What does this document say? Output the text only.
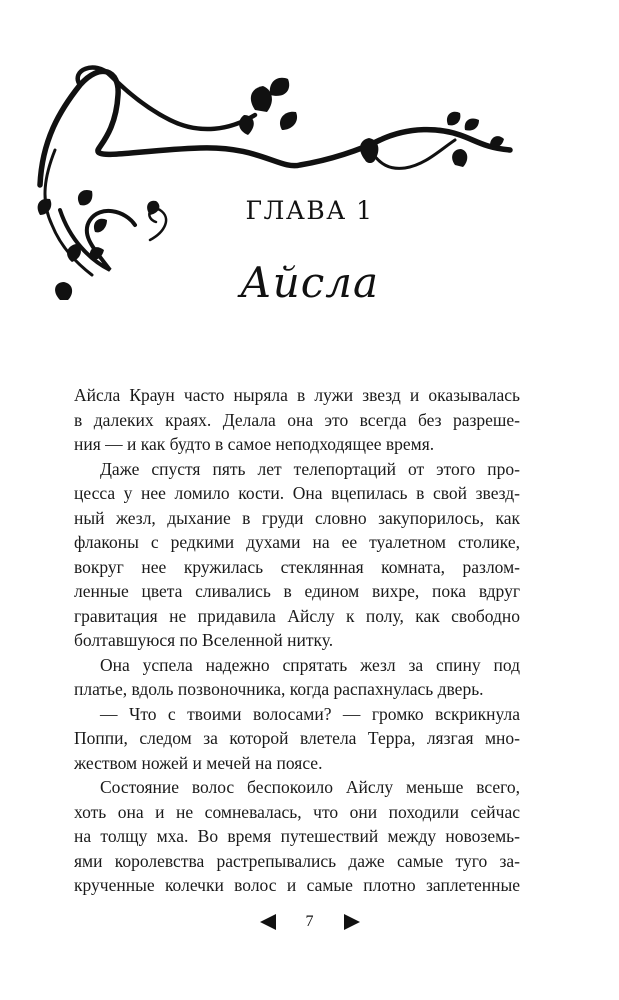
ГЛАВА 1
Айсла
Айсла Краун часто ныряла в лужи звезд и оказывалась
в далеких краях. Делала она это всегда без разреше-
ния — и как будто в самое неподходящее время.
Даже спустя пять лет телепортаций от этого про-
цесса у нее ломило кости. Она вцепилась в свой звезд-
ный жезл, дыхание в груди словно закупорилось, как
флаконы с редкими духами на ее туалетном столике,
вокруг нее кружилась стеклянная комната, разлом-
ленные цвета сливались в едином вихре, пока вдруг
гравитация не придавила Айслу к полу, как свободно
болтавшуюся по Вселенной нитку.
Она успела надежно спрятать жезл за спину под
платье, вдоль позвоночника, когда распахнулась дверь.
— Что с твоими волосами? — громко вскрикнула
Поппи, следом за которой влетела Терра, лязгая мно-
жеством ножей и мечей на поясе.
Состояние волос беспокоило Айслу меньше всего,
хоть она и не сомневалась, что они походили сейчас
на толщу мха. Во время путешествий между новоземь-
ями королевства растрепывались даже самые туго за-
крученные колечки волос и самые плотно заплетенные
7
